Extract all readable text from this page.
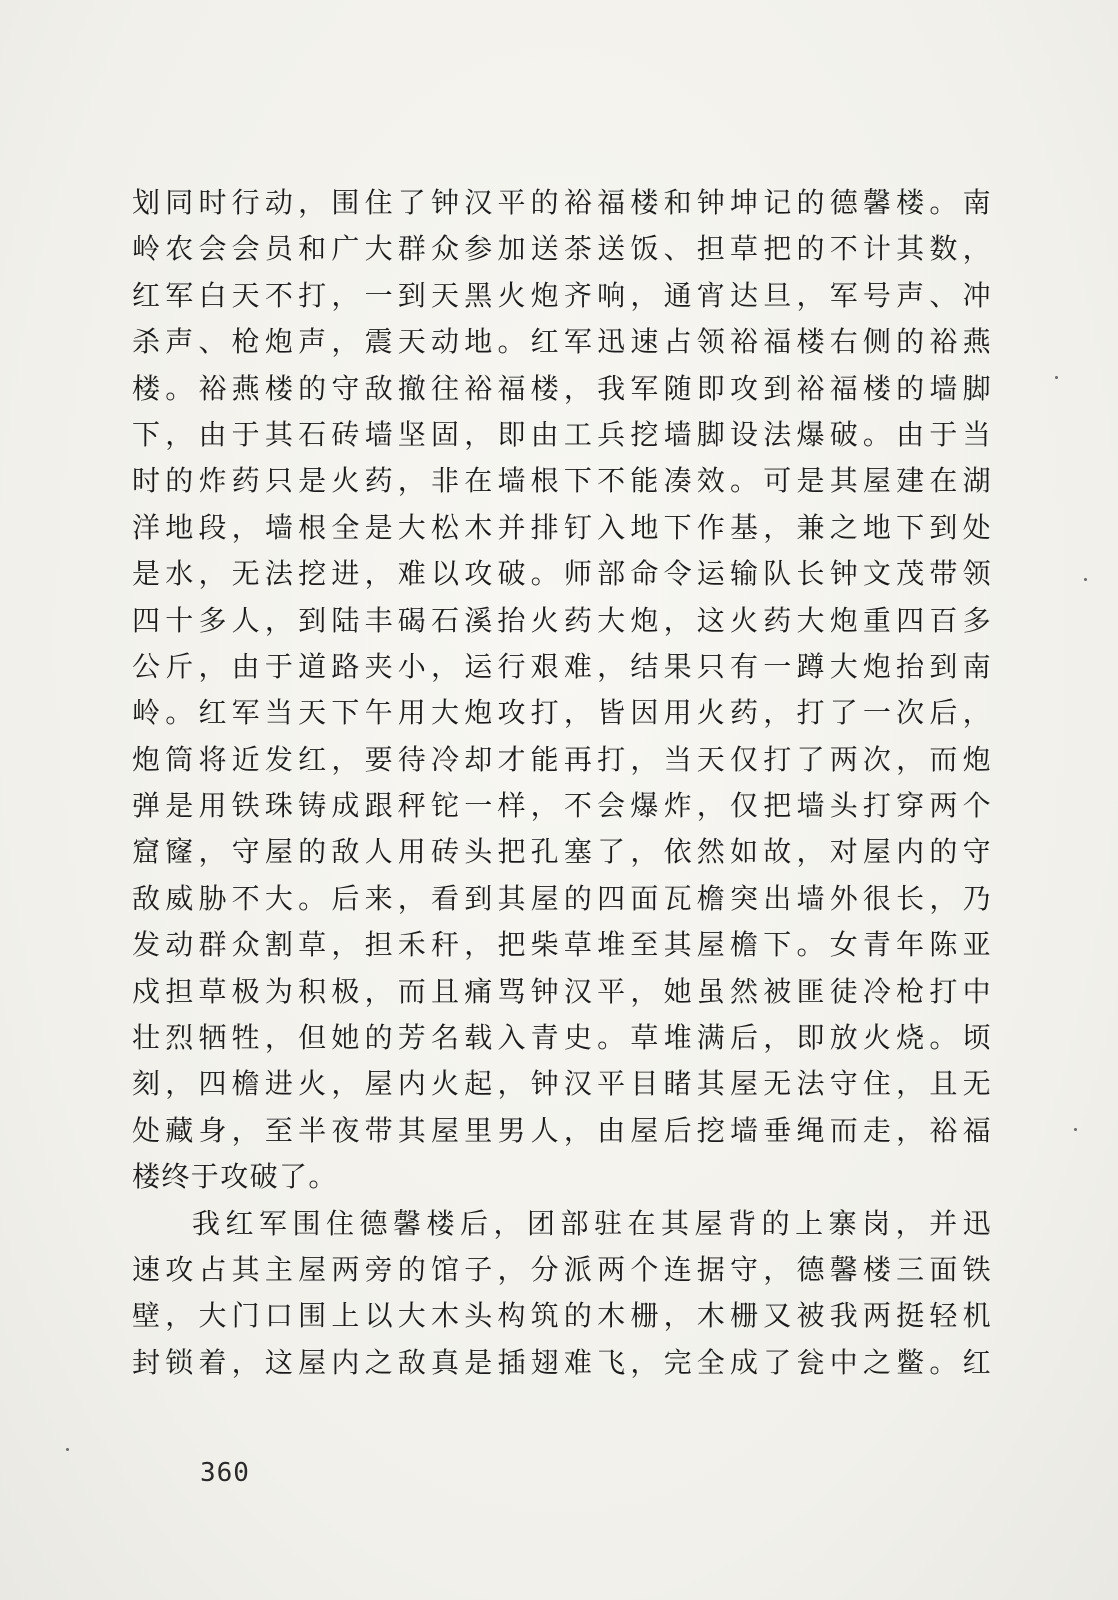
划同时行动，围住了钟汉平的裕福楼和钟坤记的德馨楼。南
岭农会会员和广大群众参加送茶送饭、担草把的不计其数，
红军白天不打，一到天黑火炮齐响，通宵达旦，军号声、冲
杀声、枪炮声，震天动地。红军迅速占领裕福楼右侧的裕燕
楼。裕燕楼的守敌撤往裕福楼，我军随即攻到裕福楼的墙脚
下，由于其石砖墙坚固，即由工兵挖墙脚设法爆破。由于当
时的炸药只是火药，非在墙根下不能凑效。可是其屋建在湖
洋地段，墙根全是大松木并排钉入地下作基，兼之地下到处
是水，无法挖进，难以攻破。师部命令运输队长钟文茂带领
四十多人，到陆丰碣石溪抬火药大炮，这火药大炮重四百多
公斤，由于道路夹小，运行艰难，结果只有一蹲大炮抬到南
岭。红军当天下午用大炮攻打，皆因用火药，打了一次后，
炮筒将近发红，要待冷却才能再打，当天仅打了两次，而炮
弹是用铁珠铸成跟秤铊一样，不会爆炸，仅把墙头打穿两个
窟窿，守屋的敌人用砖头把孔塞了，依然如故，对屋内的守
敌威胁不大。后来，看到其屋的四面瓦檐突出墙外很长，乃
发动群众割草，担禾秆，把柴草堆至其屋檐下。女青年陈亚
戍担草极为积极，而且痛骂钟汉平，她虽然被匪徒冷枪打中
壮烈牺牲，但她的芳名载入青史。草堆满后，即放火烧。顷
刻，四檐进火，屋内火起，钟汉平目睹其屋无法守住，且无
处藏身，至半夜带其屋里男人，由屋后挖墙垂绳而走，裕福
楼终于攻破了。
我红军围住德馨楼后，团部驻在其屋背的上寨岗，并迅
速攻占其主屋两旁的馆子，分派两个连据守，德馨楼三面铁
壁，大门口围上以大木头构筑的木栅，木栅又被我两挺轻机
封锁着，这屋内之敌真是插翅难飞，完全成了瓮中之鳖。红
360
